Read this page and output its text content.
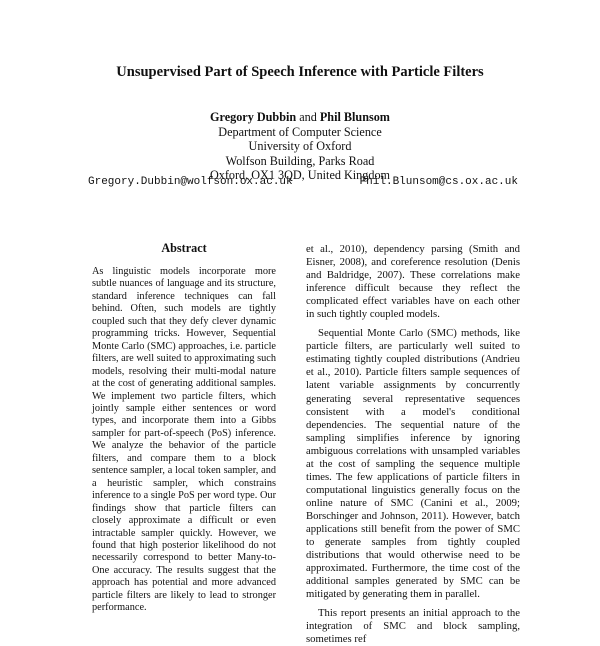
Unsupervised Part of Speech Inference with Particle Filters
Gregory Dubbin and Phil Blunsom
Department of Computer Science
University of Oxford
Wolfson Building, Parks Road
Oxford, OX1 3QD, United Kingdom
Gregory.Dubbin@wolfson.ox.ac.uk	Phil.Blunsom@cs.ox.ac.uk
Abstract
As linguistic models incorporate more subtle nuances of language and its structure, standard inference techniques can fall behind. Often, such models are tightly coupled such that they defy clever dynamic programming tricks. However, Sequential Monte Carlo (SMC) approaches, i.e. particle filters, are well suited to approximating such models, resolving their multi-modal nature at the cost of generating additional samples. We implement two particle filters, which jointly sample either sentences or word types, and incorporate them into a Gibbs sampler for part-of-speech (PoS) inference. We analyze the behavior of the particle filters, and compare them to a block sentence sampler, a local token sampler, and a heuristic sampler, which constrains inference to a single PoS per word type. Our findings show that particle filters can closely approximate a difficult or even intractable sampler quickly. However, we found that high posterior likelihood do not necessarily correspond to better Many-to-One accuracy. The results suggest that the approach has potential and more advanced particle filters are likely to lead to stronger performance.

et al., 2010), dependency parsing (Smith and Eisner, 2008), and coreference resolution (Denis and Baldridge, 2007). These correlations make inference difficult because they reflect the complicated effect variables have on each other in such tightly coupled models.

Sequential Monte Carlo (SMC) methods, like particle filters, are particularly well suited to estimating tightly coupled distributions (Andrieu et al., 2010). Particle filters sample sequences of latent variable assignments by concurrently generating several representative sequences consistent with a model's conditional dependencies. The sequential nature of the sampling simplifies inference by ignoring ambiguous correlations with unsampled variables at the cost of sampling the sequence multiple times. The few applications of particle filters in computational linguistics generally focus on the online nature of SMC (Canini et al., 2009; Borschinger and Johnson, 2011). However, batch applications still benefit from the power of SMC to generate samples from tightly coupled distributions that would otherwise need to be approximated. Furthermore, the time cost of the additional samples generated by SMC can be mitigated by generating them in parallel.

This report presents an initial approach to the integration of SMC and block sampling, sometimes ref
